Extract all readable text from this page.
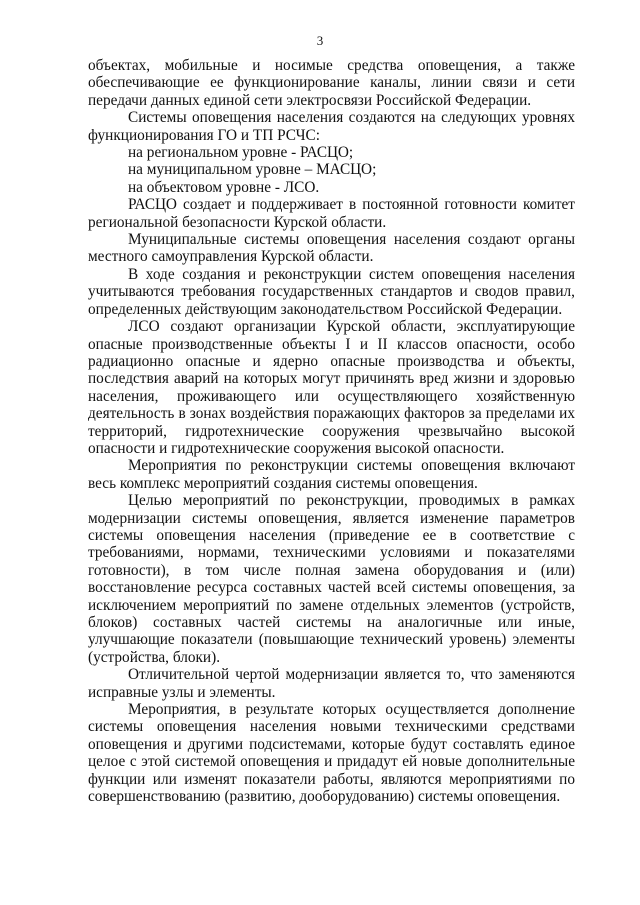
3

объектах, мобильные и носимые средства оповещения, а также обеспечивающие ее функционирование каналы, линии связи и сети передачи данных единой сети электросвязи Российской Федерации.

Системы оповещения населения создаются на следующих уровнях функционирования ГО и ТП РСЧС:

на региональном уровне - РАСЦО;

на муниципальном уровне – МАСЦО;

на объектовом уровне - ЛСО.

РАСЦО создает и поддерживает в постоянной готовности комитет региональной безопасности Курской области.

Муниципальные системы оповещения населения создают органы местного самоуправления Курской области.

В ходе создания и реконструкции систем оповещения населения учитываются требования государственных стандартов и сводов правил, определенных действующим законодательством Российской Федерации.

ЛСО создают организации Курской области, эксплуатирующие опасные производственные объекты I и II классов опасности, особо радиационно опасные и ядерно опасные производства и объекты, последствия аварий на которых могут причинять вред жизни и здоровью населения, проживающего или осуществляющего хозяйственную деятельность в зонах воздействия поражающих факторов за пределами их территорий, гидротехнические сооружения чрезвычайно высокой опасности и гидротехнические сооружения высокой опасности.

Мероприятия по реконструкции системы оповещения включают весь комплекс мероприятий создания системы оповещения.

Целью мероприятий по реконструкции, проводимых в рамках модернизации системы оповещения, является изменение параметров системы оповещения населения (приведение ее в соответствие с требованиями, нормами, техническими условиями и показателями готовности), в том числе полная замена оборудования и (или) восстановление ресурса составных частей всей системы оповещения, за исключением мероприятий по замене отдельных элементов (устройств, блоков) составных частей системы на аналогичные или иные, улучшающие показатели (повышающие технический уровень) элементы (устройства, блоки).

Отличительной чертой модернизации является то, что заменяются исправные узлы и элементы.

Мероприятия, в результате которых осуществляется дополнение системы оповещения населения новыми техническими средствами оповещения и другими подсистемами, которые будут составлять единое целое с этой системой оповещения и придадут ей новые дополнительные функции или изменят показатели работы, являются мероприятиями по совершенствованию (развитию, дооборудованию) системы оповещения.
